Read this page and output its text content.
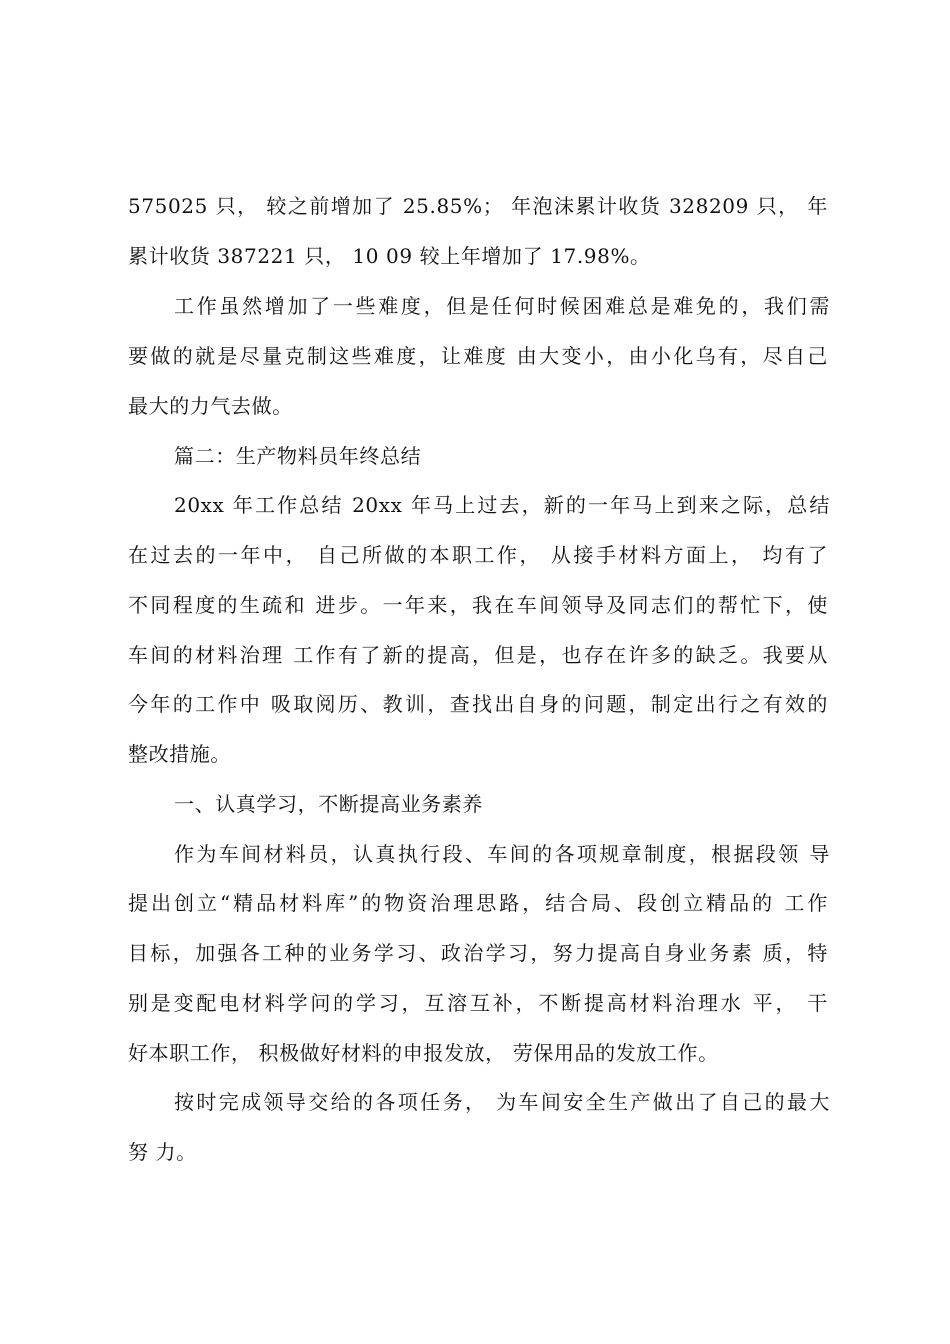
575025 只， 较之前增加了 25.85%； 年泡沫累计收货 328209 只， 年
累计收货 387221 只， 10 09 较上年增加了 17.98%。
工作虽然增加了一些难度，但是任何时候困难总是难免的，我们需
要做的就是尽量克制这些难度，让难度 由大变小，由小化乌有，尽自己
最大的力气去做。
篇二：生产物料员年终总结
20xx 年工作总结 20xx 年马上过去，新的一年马上到来之际，总结
在过去的一年中， 自己所做的本职工作， 从接手材料方面上， 均有了
不同程度的生疏和 进步。一年来，我在车间领导及同志们的帮忙下，使
车间的材料治理 工作有了新的提高，但是，也存在许多的缺乏。我要从
今年的工作中 吸取阅历、教训，查找出自身的问题，制定出行之有效的
整改措施。
一、认真学习，不断提高业务素养
作为车间材料员，认真执行段、车间的各项规章制度，根据段领 导
提出创立“精品材料库”的物资治理思路，结合局、段创立精品的 工作
目标，加强各工种的业务学习、政治学习，努力提高自身业务素 质，特
别是变配电材料学问的学习，互溶互补，不断提高材料治理水 平， 干
好本职工作， 积极做好材料的申报发放， 劳保用品的发放工作。
按时完成领导交给的各项任务， 为车间安全生产做出了自己的最大
努 力。
